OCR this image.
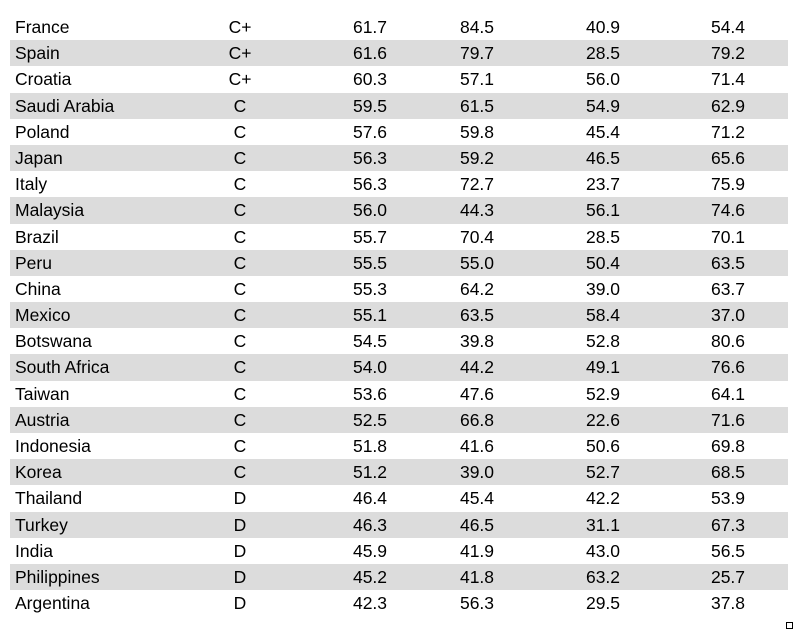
France	C+	61.7	84.5	40.9	54.4
Spain	C+	61.6	79.7	28.5	79.2
Croatia	C+	60.3	57.1	56.0	71.4
Saudi Arabia	C	59.5	61.5	54.9	62.9
Poland	C	57.6	59.8	45.4	71.2
Japan	C	56.3	59.2	46.5	65.6
Italy	C	56.3	72.7	23.7	75.9
Malaysia	C	56.0	44.3	56.1	74.6
Brazil	C	55.7	70.4	28.5	70.1
Peru	C	55.5	55.0	50.4	63.5
China	C	55.3	64.2	39.0	63.7
Mexico	C	55.1	63.5	58.4	37.0
Botswana	C	54.5	39.8	52.8	80.6
South Africa	C	54.0	44.2	49.1	76.6
Taiwan	C	53.6	47.6	52.9	64.1
Austria	C	52.5	66.8	22.6	71.6
Indonesia	C	51.8	41.6	50.6	69.8
Korea	C	51.2	39.0	52.7	68.5
Thailand	D	46.4	45.4	42.2	53.9
Turkey	D	46.3	46.5	31.1	67.3
India	D	45.9	41.9	43.0	56.5
Philippines	D	45.2	41.8	63.2	25.7
Argentina	D	42.3	56.3	29.5	37.8
